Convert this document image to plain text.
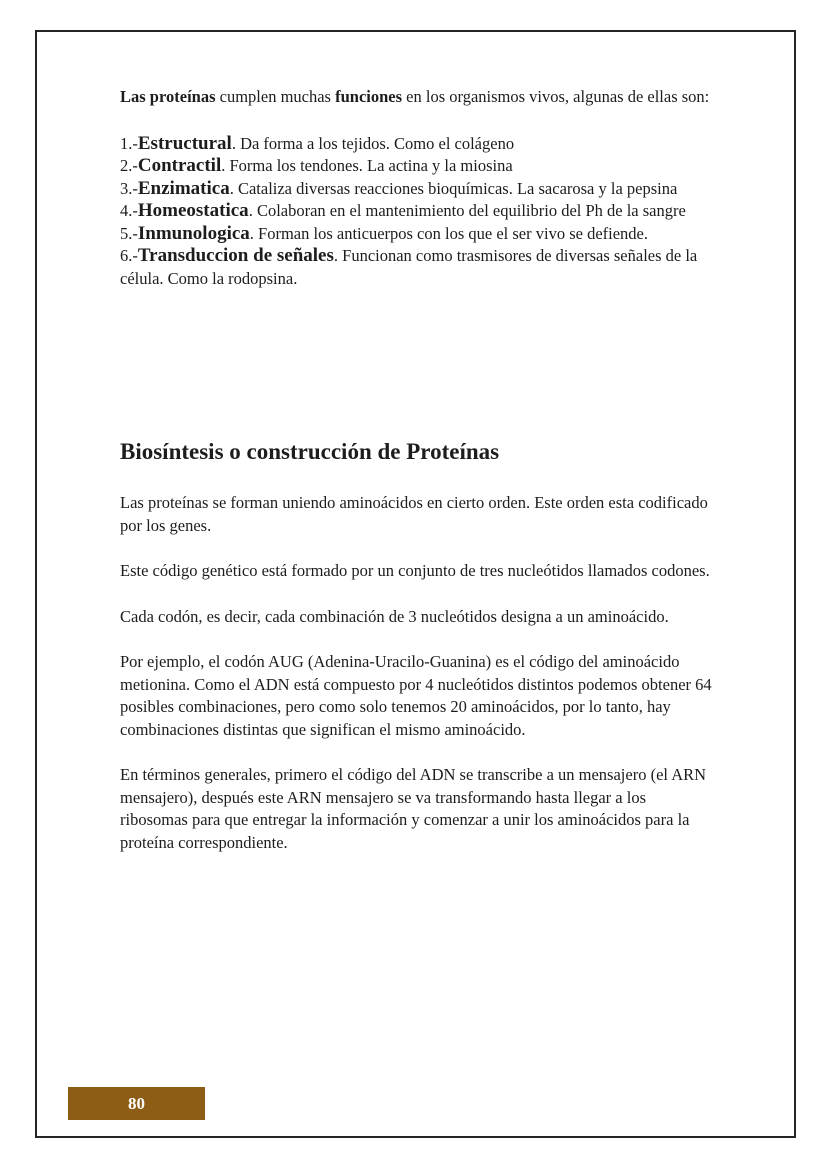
Las proteínas cumplen muchas funciones en los organismos vivos, algunas de ellas son:

1.-Estructural. Da forma a los tejidos. Como el colágeno

2.-Contractil. Forma los tendones. La actina y la miosina

3.-Enzimatica. Cataliza diversas reacciones bioquímicas. La sacarosa y la pepsina

4.-Homeostatica. Colaboran en el mantenimiento del equilibrio del Ph de la sangre

5.-Inmunologica. Forman los anticuerpos con los que el ser vivo se defiende.

6.-Transduccion de señales. Funcionan como trasmisores de diversas señales de la célula. Como la rodopsina.

Biosíntesis o construcción de Proteínas

Las proteínas se forman uniendo aminoácidos en cierto orden. Este orden esta codificado por los genes.

Este código genético está formado por un conjunto de tres nucleótidos llamados codones.

Cada codón, es decir, cada combinación de 3 nucleótidos designa a un aminoácido.

Por ejemplo, el codón AUG (Adenina-Uracilo-Guanina) es el código del aminoácido metionina. Como el ADN está compuesto por 4 nucleótidos distintos podemos obtener 64 posibles combinaciones, pero como solo tenemos 20 aminoácidos, por lo tanto, hay combinaciones distintas que significan el mismo aminoácido.

En términos generales, primero el código del ADN se transcribe a un mensajero (el ARN mensajero), después este ARN mensajero se va transformando hasta llegar a los ribosomas para que entregar la información y comenzar a unir los aminoácidos para la proteína correspondiente.

80
